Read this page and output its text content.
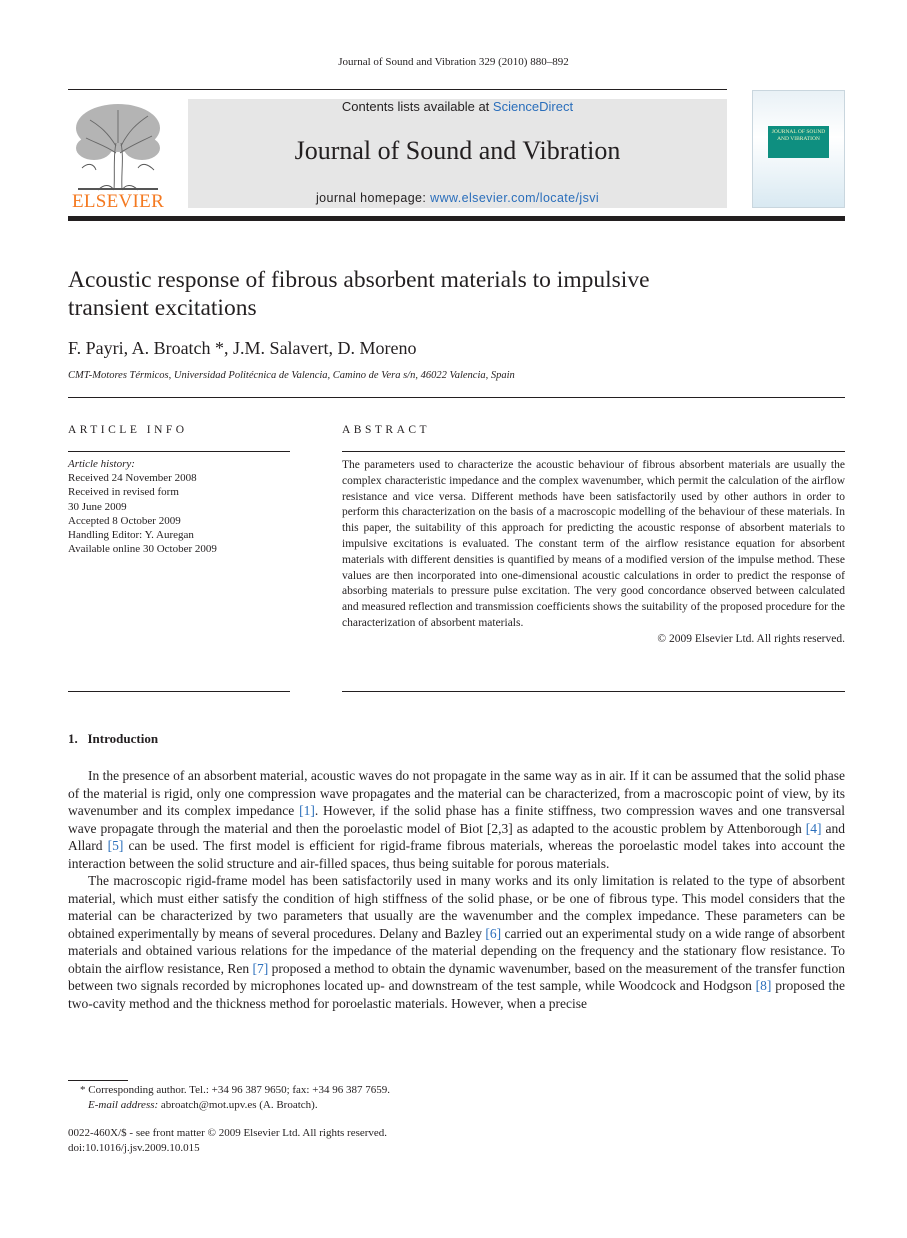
Journal of Sound and Vibration 329 (2010) 880–892
ELSEVIER
Contents lists available at ScienceDirect
Journal of Sound and Vibration
journal homepage: www.elsevier.com/locate/jsvi
JOURNAL OF SOUND AND VIBRATION
Acoustic response of fibrous absorbent materials to impulsive transient excitations
F. Payri, A. Broatch *, J.M. Salavert, D. Moreno
CMT-Motores Térmicos, Universidad Politécnica de Valencia, Camino de Vera s/n, 46022 Valencia, Spain
ARTICLE INFO
Article history:
Received 24 November 2008
Received in revised form
30 June 2009
Accepted 8 October 2009
Handling Editor: Y. Auregan
Available online 30 October 2009
ABSTRACT
The parameters used to characterize the acoustic behaviour of fibrous absorbent materials are usually the complex characteristic impedance and the complex wavenumber, which permit the calculation of the airflow resistance and vice versa. Different methods have been satisfactorily used by other authors in order to perform this characterization on the basis of a macroscopic modelling of the behaviour of these materials. In this paper, the suitability of this approach for predicting the acoustic response of absorbent materials to impulsive excitations is evaluated. The constant term of the airflow resistance equation for absorbent materials with different densities is quantified by means of a modified version of the impulse method. These values are then incorporated into one-dimensional acoustic calculations in order to predict the response of absorbing materials to pressure pulse excitation. The very good concordance observed between calculated and measured reflection and transmission coefficients shows the suitability of the proposed procedure for the characterization of absorbent materials.
© 2009 Elsevier Ltd. All rights reserved.
1.   Introduction

In the presence of an absorbent material, acoustic waves do not propagate in the same way as in air. If it can be assumed that the solid phase of the material is rigid, only one compression wave propagates and the material can be characterized, from a macroscopic point of view, by its wavenumber and its complex impedance [1]. However, if the solid phase has a finite stiffness, two compression waves and one transversal wave propagate through the material and then the poroelastic model of Biot [2,3] as adapted to the acoustic problem by Attenborough [4] and Allard [5] can be used. The first model is efficient for rigid-frame fibrous materials, whereas the poroelastic model takes into account the interaction between the solid structure and air-filled spaces, thus being suitable for porous materials.

The macroscopic rigid-frame model has been satisfactorily used in many works and its only limitation is related to the type of absorbent material, which must either satisfy the condition of high stiffness of the solid phase, or be one of fibrous type. This model considers that the material can be characterized by two parameters that usually are the wavenumber and the complex impedance. These parameters can be obtained experimentally by means of several procedures. Delany and Bazley [6] carried out an experimental study on a wide range of absorbent materials and obtained various relations for the impedance of the material depending on the frequency and the stationary flow resistance. To obtain the airflow resistance, Ren [7] proposed a method to obtain the dynamic wavenumber, based on the measurement of the transfer function between two signals recorded by microphones located up- and downstream of the test sample, while Woodcock and Hodgson [8] proposed the two-cavity method and the thickness method for poroelastic materials. However, when a precise

* Corresponding author. Tel.: +34 96 387 9650; fax: +34 96 387 7659.
E-mail address: abroatch@mot.upv.es (A. Broatch).
0022-460X/$ - see front matter © 2009 Elsevier Ltd. All rights reserved.
doi:10.1016/j.jsv.2009.10.015
